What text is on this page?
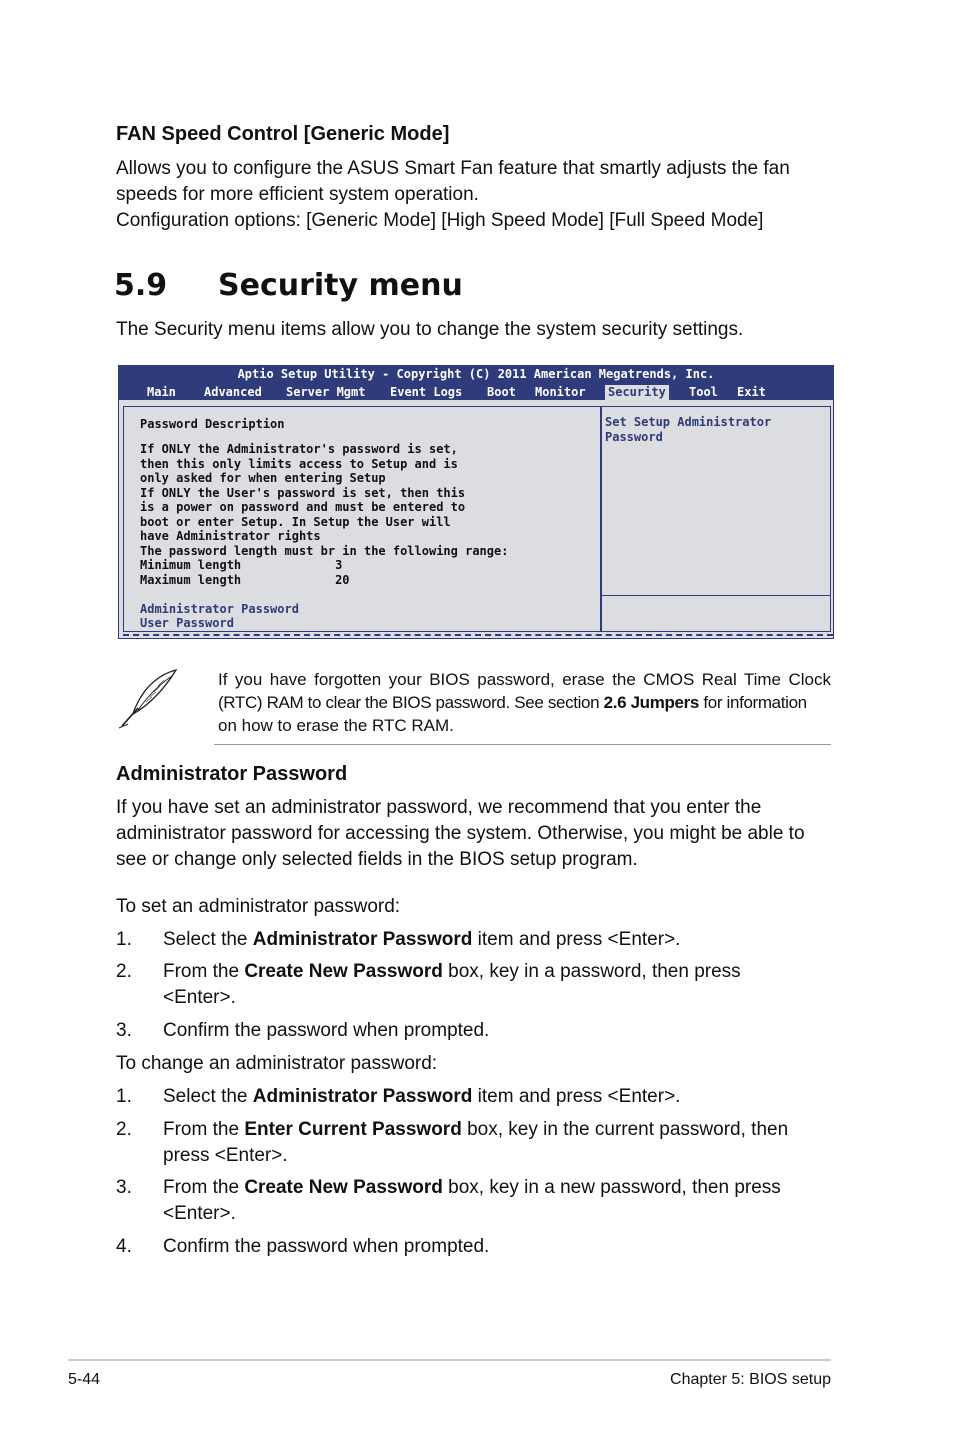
FAN Speed Control [Generic Mode]
Allows you to configure the ASUS Smart Fan feature that smartly adjusts the fan
speeds for more efficient system operation.
Configuration options: [Generic Mode] [High Speed Mode] [Full Speed Mode]
5.9 Security menu
The Security menu items allow you to change the system security settings.
Aptio Setup Utility - Copyright (C) 2011 American Megatrends, Inc.
Main Advanced Server Mgmt Event Logs Boot Monitor Security Tool Exit
Password Description
If ONLY the Administrator's password is set,
then this only limits access to Setup and is
only asked for when entering Setup
If ONLY the User's password is set, then this
is a power on password and must be entered to
boot or enter Setup. In Setup the User will
have Administrator rights
The password length must br in the following range:
Minimum length             3
Maximum length             20
Administrator Password
User Password
Set Setup Administrator
Password
If you have forgotten your BIOS password, erase the CMOS Real Time Clock
(RTC) RAM to clear the BIOS password. See section 2.6 Jumpers for information
on how to erase the RTC RAM.
Administrator Password
If you have set an administrator password, we recommend that you enter the
administrator password for accessing the system. Otherwise, you might be able to
see or change only selected fields in the BIOS setup program.
To set an administrator password:
1. Select the Administrator Password item and press <Enter>.
2. From the Create New Password box, key in a password, then press
<Enter>.
3. Confirm the password when prompted.
To change an administrator password:
1. Select the Administrator Password item and press <Enter>.
2. From the Enter Current Password box, key in the current password, then
press <Enter>.
3. From the Create New Password box, key in a new password, then press
<Enter>.
4. Confirm the password when prompted.
5-44	Chapter 5: BIOS setup
